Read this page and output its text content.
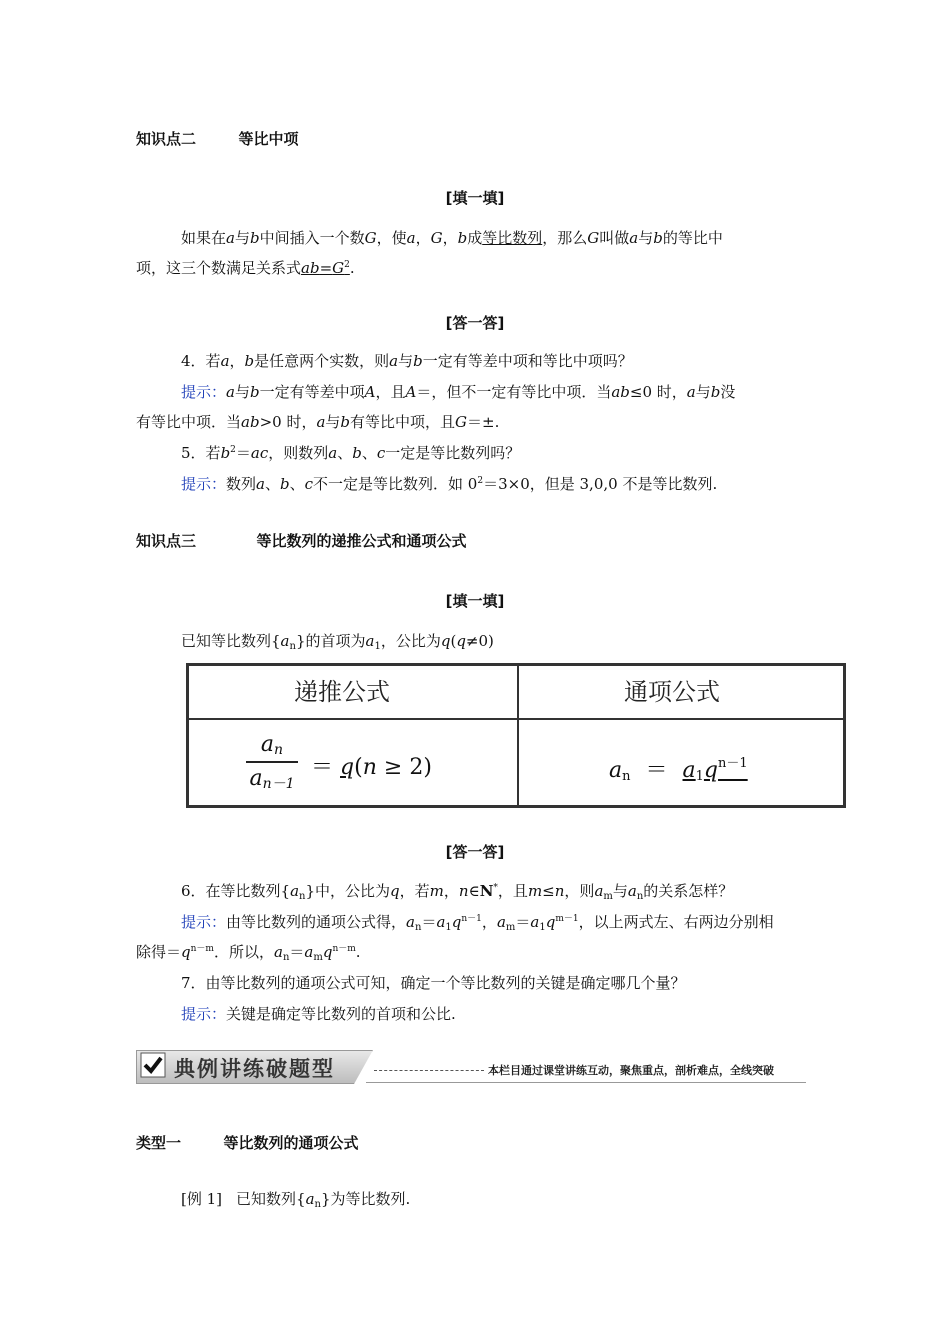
知识点二	等比中项
[填一填]
如果在a与b中间插入一个数G，使a，G，b成等比数列，那么G叫做a与b的等比中
项，这三个数满足关系式$ab=G^2$.
[答一答]
4．若a，b是任意两个实数，则a与b一定有等差中项和等比中项吗？
提示：a与b一定有等差中项A，且A＝，但不一定有等比中项．当ab≤0 时，a与b没
有等比中项．当ab>0 时，a与b有等比中项，且G＝±.
5．若$b^2=ac$，则数列a、b、c一定是等比数列吗？
提示：数列a、b、c不一定是等比数列．如 $0^2=3\times 0$，但是 3,0,0 不是等比数列.
知识点三	等比数列的递推公式和通项公式
[填一填]
已知等比数列$\{a_n\}$的首项为$a_1$，公比为q(q≠0)
递推公式	通项公式
$a_n$
$a_{n-1}$
＝ q(n ≥ 2)	$a_n = a_1q^{n-1}$
[答一答]
6．在等比数列$\{a_n\}$中，公比为q，若m，n∈N*，且m≤n，则$a_m$与$a_n$的关系怎样？
提示：由等比数列的通项公式得，$a_n=a_1q^{n-1}$，$a_m=a_1q^{m-1}$，以上两式左、右两边分别相
除得$=q^{n-m}$．所以，$a_n=a_mq^{n-m}$.
7．由等比数列的通项公式可知，确定一个等比数列的关键是确定哪几个量？
提示：关键是确定等比数列的首项和公比.
典例讲练破题型	本栏目通过课堂讲练互动，聚焦重点，剖析难点，全线突破
类型一	等比数列的通项公式
[例 1] 已知数列$\{a_n\}$为等比数列.
